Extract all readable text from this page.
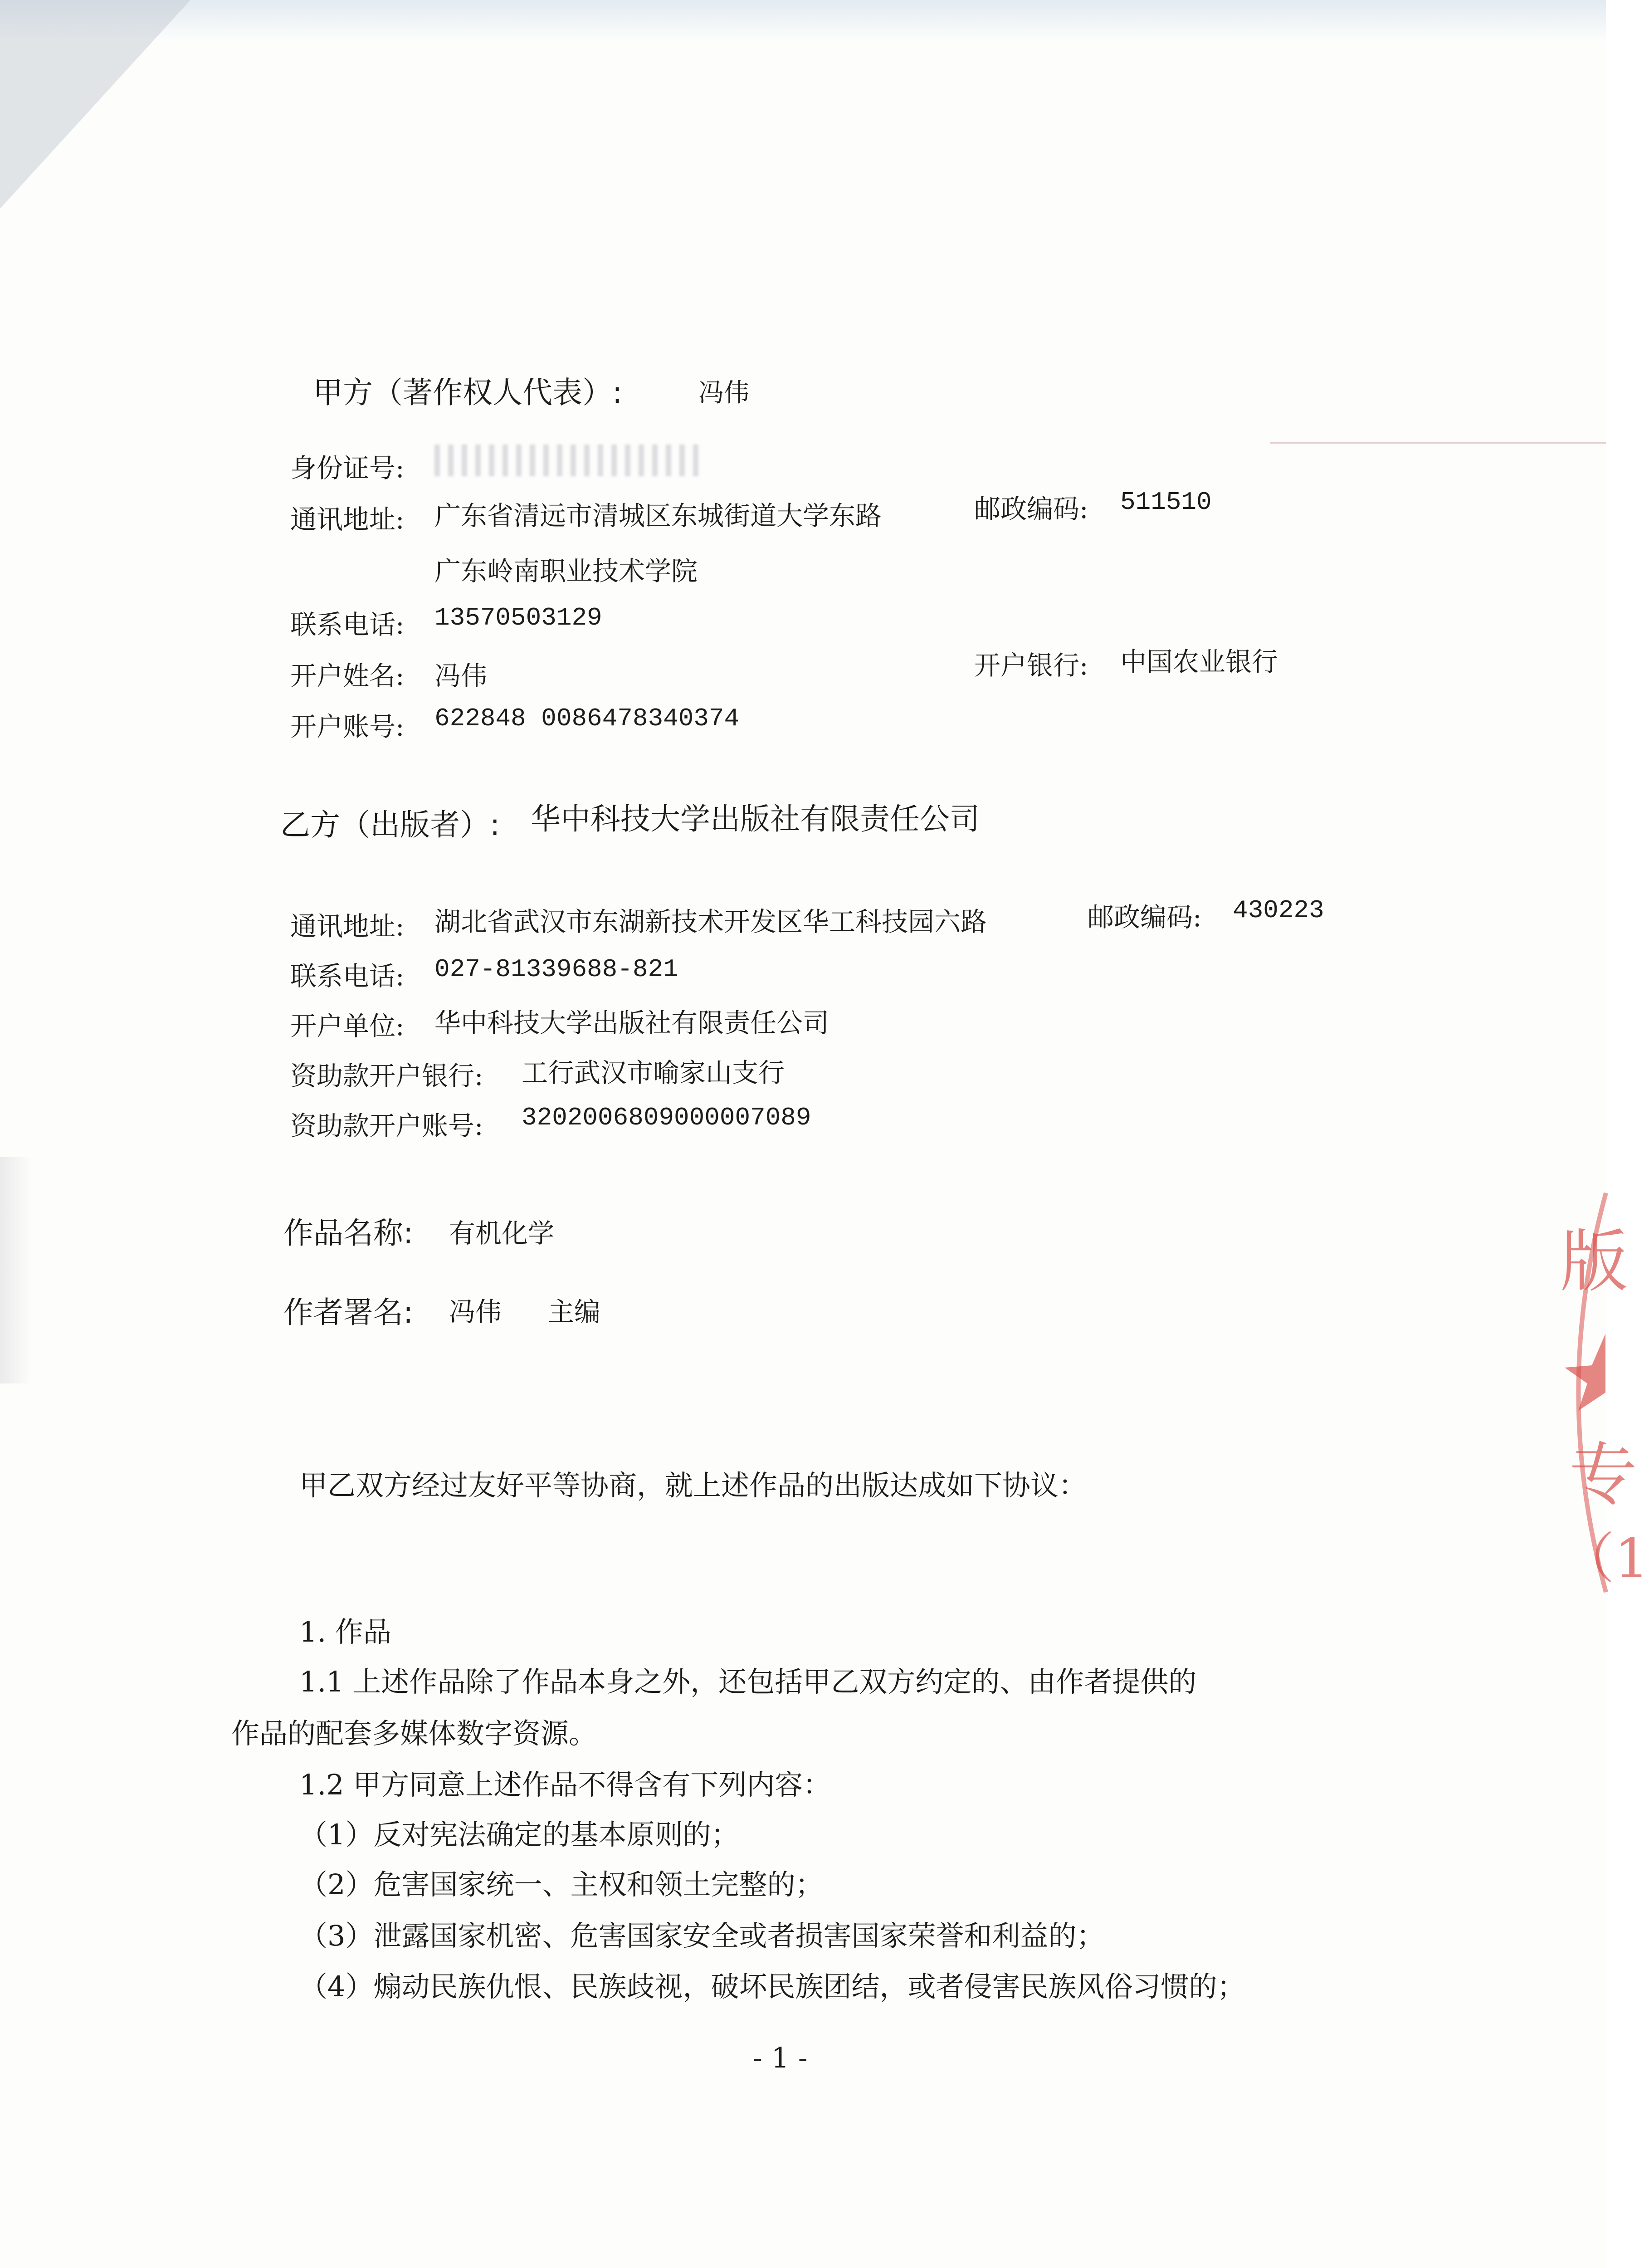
甲方（著作权人代表）:	冯伟
身份证号:
通讯地址: 广东省清远市清城区东城街道大学东路	邮政编码: 511510
广东岭南职业技术学院
联系电话: 13570503129
开户姓名: 冯伟	开户银行: 中国农业银行
开户账号: 622848 0086478340374
乙方（出版者）: 华中科技大学出版社有限责任公司
通讯地址: 湖北省武汉市东湖新技术开发区华工科技园六路	邮政编码: 430223
联系电话: 027-81339688-821
开户单位: 华中科技大学出版社有限责任公司
资助款开户银行: 工行武汉市喻家山支行
资助款开户账号: 3202006809000007089
作品名称: 有机化学
作者署名: 冯伟 主编
甲乙双方经过友好平等协商，就上述作品的出版达成如下协议：
1. 作品
1.1 上述作品除了作品本身之外，还包括甲乙双方约定的、由作者提供的
作品的配套多媒体数字资源。
1.2 甲方同意上述作品不得含有下列内容：
（1）反对宪法确定的基本原则的；
（2）危害国家统一、主权和领土完整的；
（3）泄露国家机密、危害国家安全或者损害国家荣誉和利益的；
（4）煽动民族仇恨、民族歧视，破坏民族团结，或者侵害民族风俗习惯的；
- 1 -
版
专
（1
